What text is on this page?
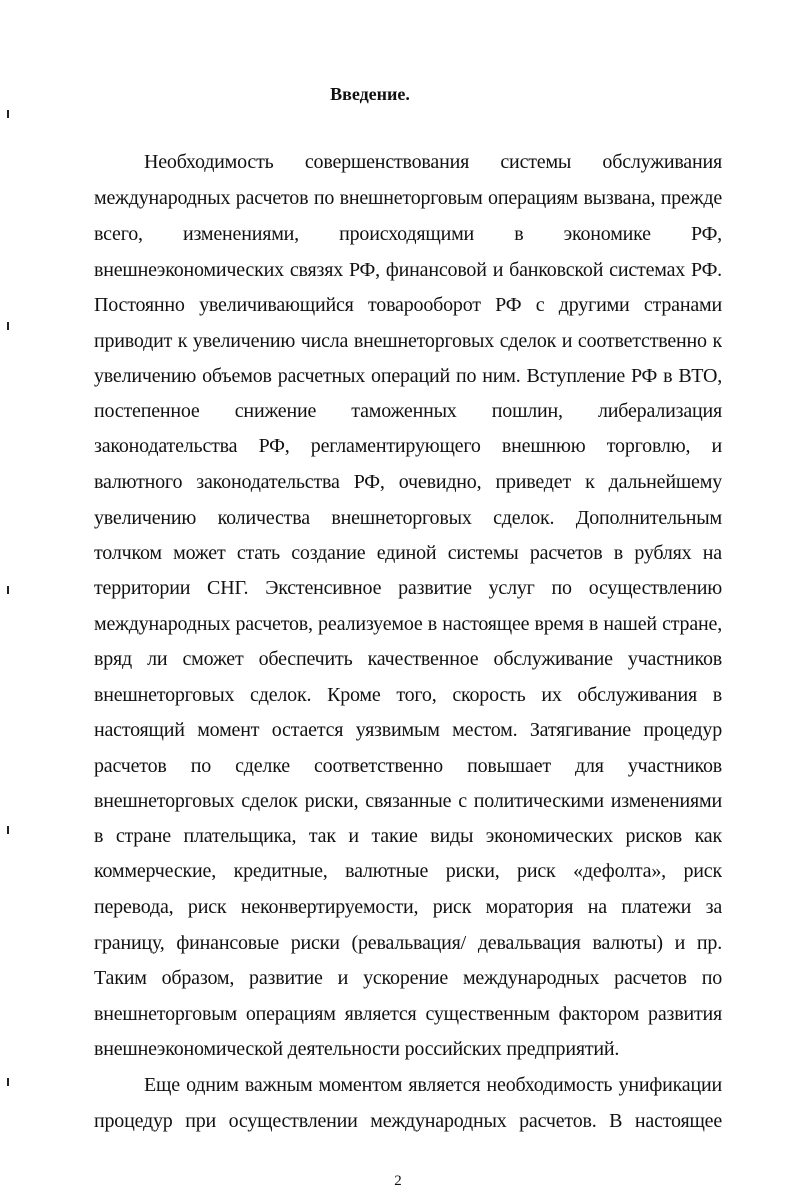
Введение.
Необходимость совершенствования системы обслуживания
международных расчетов по внешнеторговым операциям вызвана, прежде
всего, изменениями, происходящими в экономике РФ,
внешнеэкономических связях РФ, финансовой и банковской системах РФ.
Постоянно увеличивающийся товарооборот РФ с другими странами
приводит к увеличению числа внешнеторговых сделок и соответственно к
увеличению объемов расчетных операций по ним. Вступление РФ в ВТО,
постепенное снижение таможенных пошлин, либерализация
законодательства РФ, регламентирующего внешнюю торговлю, и
валютного законодательства РФ, очевидно, приведет к дальнейшему
увеличению количества внешнеторговых сделок. Дополнительным
толчком может стать создание единой системы расчетов в рублях на
территории СНГ. Экстенсивное развитие услуг по осуществлению
международных расчетов, реализуемое в настоящее время в нашей стране,
вряд ли сможет обеспечить качественное обслуживание участников
внешнеторговых сделок. Кроме того, скорость их обслуживания в
настоящий момент остается уязвимым местом. Затягивание процедур
расчетов по сделке соответственно повышает для участников
внешнеторговых сделок риски, связанные с политическими изменениями
в стране плательщика, так и такие виды экономических рисков как
коммерческие, кредитные, валютные риски, риск «дефолта», риск
перевода, риск неконвертируемости, риск моратория на платежи за
границу, финансовые риски (ревальвация/ девальвация валюты) и пр.
Таким образом, развитие и ускорение международных расчетов по
внешнеторговым операциям является существенным фактором развития
внешнеэкономической деятельности российских предприятий.
Еще одним важным моментом является необходимость унификации
процедур при осуществлении международных расчетов. В настоящее
2
